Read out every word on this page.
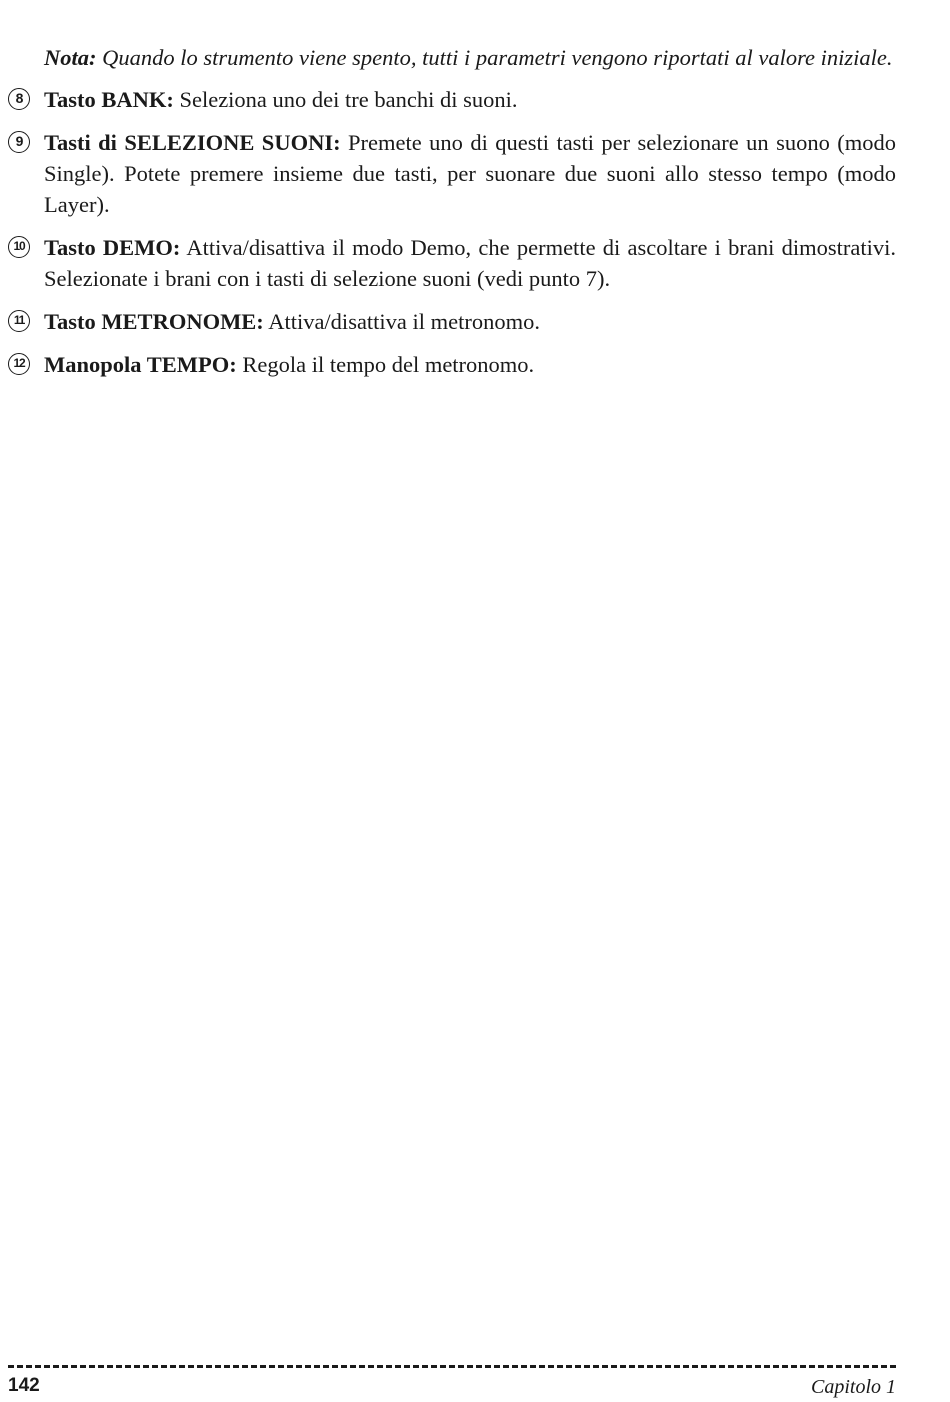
Nota: Quando lo strumento viene spento, tutti i parametri vengono riportati al valore iniziale.

8 Tasto BANK: Seleziona uno dei tre banchi di suoni.

9 Tasti di SELEZIONE SUONI: Premete uno di questi tasti per selezionare un suono (modo Single). Potete premere insieme due tasti, per suonare due suoni allo stesso tempo (modo Layer).

10 Tasto DEMO: Attiva/disattiva il modo Demo, che permette di ascoltare i brani dimostrativi. Selezionate i brani con i tasti di selezione suoni (vedi punto 7).

11 Tasto METRONOME: Attiva/disattiva il metronomo.

12 Manopola TEMPO: Regola il tempo del metronomo.

142	Capitolo 1
